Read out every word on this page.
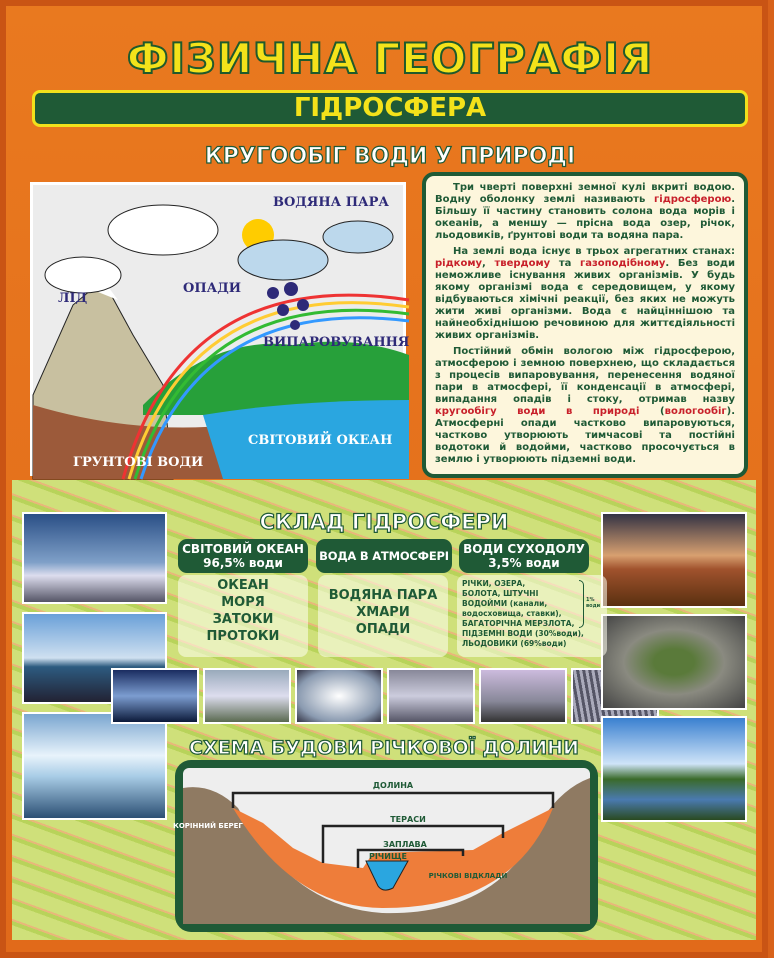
ФІЗИЧНА ГЕОГРАФІЯ
ГІДРОСФЕРА
КРУГООБІГ ВОДИ У ПРИРОДІ
ВОДЯНА ПАРА
ОПАДИ
ЛІД
ВИПАРОВУВАННЯ
СВІТОВИЙ ОКЕАН
ГРУНТОВІ ВОДИ

Три чверті поверхні земної кулі вкриті водою. Водну оболонку землі називають гідросферою. Більшу її частину становить солона вода морів і океанів, а меншу — прісна вода озер, річок, льодовиків, ґрунтові води та водяна пара.

На землі вода існує в трьох агрегатних станах: рідкому, твердому та газоподібному. Без води неможливе існування живих організмів. У будь якому організмі вода є середовищем, у якому відбуваються хімічні реакції, без яких не можуть жити живі організми. Вода є найціннішою та найнеобхіднішою речовиною для життєдіяльності живих організмів.

Постійний обмін вологою між гідросферою, атмосферою і земною поверхнею, що складається з процесів випаровування, перенесення водяної пари в атмосфері, її конденсації в атмосфері, випадання опадів і стоку, отримав назву кругообігу води в природі (вологообіг). Атмосферні опади частково випаровуються, частково утворюють тимчасові та постійні водотоки й водойми, частково просочується в землю і утворюють підземні води.

СКЛАД ГІДРОСФЕРИ
СВІТОВИЙ ОКЕАН
96,5% води
ОКЕАН
МОРЯ
ЗАТОКИ
ПРОТОКИ
ВОДА В АТМОСФЕРІ
ВОДЯНА ПАРА
ХМАРИ
ОПАДИ
ВОДИ СУХОДОЛУ
3,5% води
РІЧКИ, ОЗЕРА,
БОЛОТА, ШТУЧНІ
ВОДОЙМИ (канали,
водосховища, ставки),
БАГАТОРІЧНА МЕРЗЛОТА,
ПІДЗЕМНІ ВОДИ (30%води),
ЛЬОДОВИКИ (69%води)
1% води
СХЕМА БУДОВИ РІЧКОВОЇ ДОЛИНИ
ДОЛИНА
ТЕРАСИ
ЗАПЛАВА
РІЧИЩЕ
КОРІННИЙ БЕРЕГ
РІЧКОВІ ВІДКЛАДИ
